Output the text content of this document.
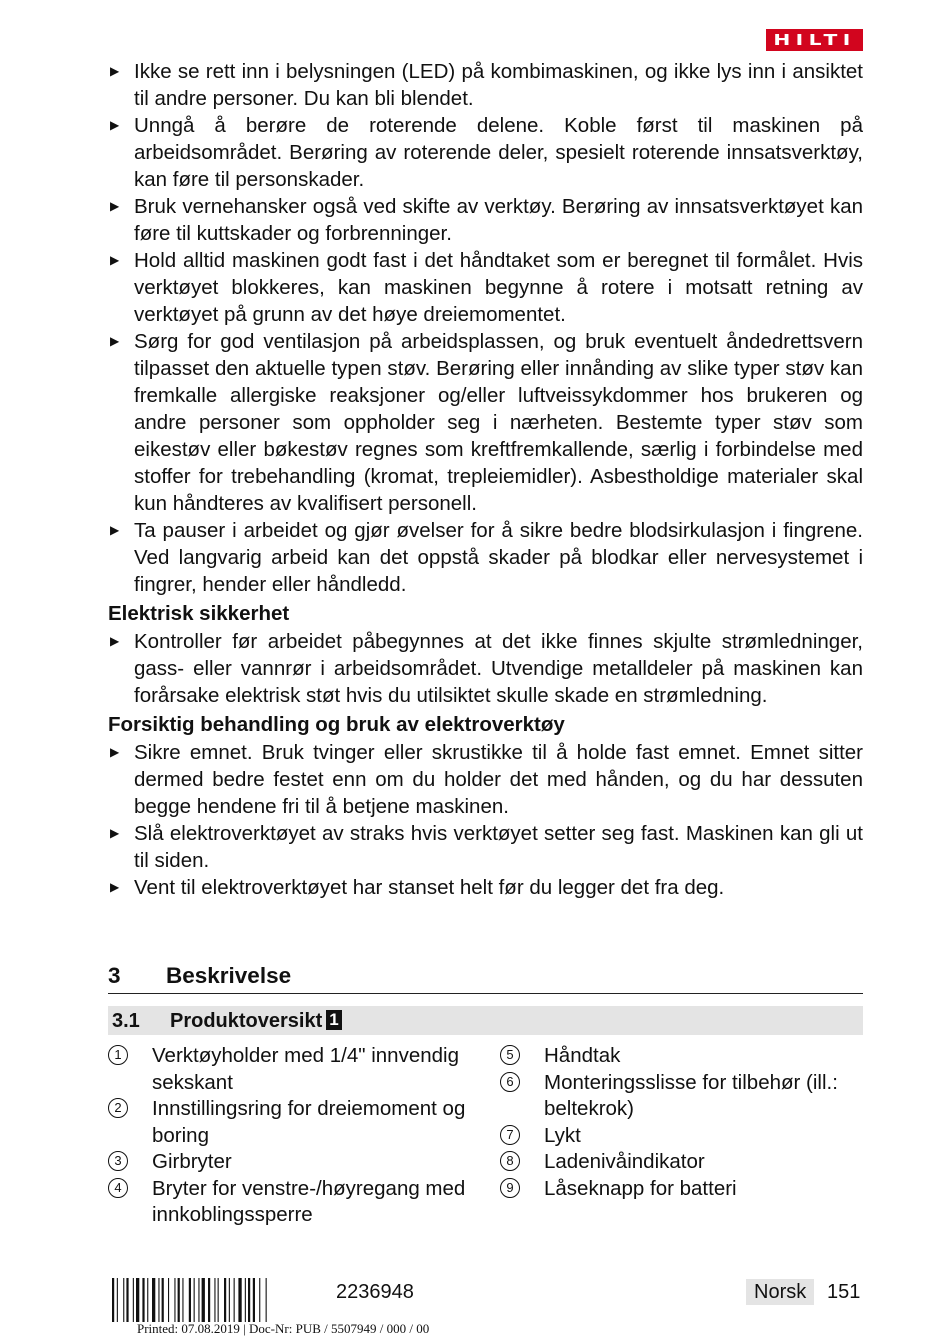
HILTI
▶ Ikke se rett inn i belysningen (LED) på kombimaskinen, og ikke lys inn i ansiktet til andre personer. Du kan bli blendet.
▶ Unngå å berøre de roterende delene. Koble først til maskinen på arbeidsområdet. Berøring av roterende deler, spesielt roterende innsatsverktøy, kan føre til personskader.
▶ Bruk vernehansker også ved skifte av verktøy. Berøring av innsatsverktøyet kan føre til kuttskader og forbrenninger.
▶ Hold alltid maskinen godt fast i det håndtaket som er beregnet til formålet. Hvis verktøyet blokkeres, kan maskinen begynne å rotere i motsatt retning av verktøyet på grunn av det høye dreiemomentet.
▶ Sørg for god ventilasjon på arbeidsplassen, og bruk eventuelt åndedrettsvern tilpasset den aktuelle typen støv. Berøring eller innånding av slike typer støv kan fremkalle allergiske reaksjoner og/eller luftveissykdommer hos brukeren og andre personer som oppholder seg i nærheten. Bestemte typer støv som eikestøv eller bøkestøv regnes som kreftfremkallende, særlig i forbindelse med stoffer for trebehandling (kromat, trepleiemidler). Asbestholdige materialer skal kun håndteres av kvalifisert personell.
▶ Ta pauser i arbeidet og gjør øvelser for å sikre bedre blodsirkulasjon i fingrene. Ved langvarig arbeid kan det oppstå skader på blodkar eller nervesystemet i fingrer, hender eller håndledd.
Elektrisk sikkerhet
▶ Kontroller før arbeidet påbegynnes at det ikke finnes skjulte strømledninger, gass- eller vannrør i arbeidsområdet. Utvendige metalldeler på maskinen kan forårsake elektrisk støt hvis du utilsiktet skulle skade en strømledning.
Forsiktig behandling og bruk av elektroverktøy
▶ Sikre emnet. Bruk tvinger eller skrustikke til å holde fast emnet. Emnet sitter dermed bedre festet enn om du holder det med hånden, og du har dessuten begge hendene fri til å betjene maskinen.
▶ Slå elektroverktøyet av straks hvis verktøyet setter seg fast. Maskinen kan gli ut til siden.
▶ Vent til elektroverktøyet har stanset helt før du legger det fra deg.
3 Beskrivelse
3.1 Produktoversikt 1
1	Verktøyholder med 1/4" innvendig sekskant
2	Innstillingsring for dreiemoment og boring
3	Girbryter
4	Bryter for venstre-/høyregang med innkoblingssperre
5	Håndtak
6	Monteringsslisse for tilbehør (ill.: beltekrok)
7	Lykt
8	Ladenivåindikator
9	Låseknapp for batteri
2236948
Printed: 07.08.2019 | Doc-Nr: PUB / 5507949 / 000 / 00
Norsk	151
